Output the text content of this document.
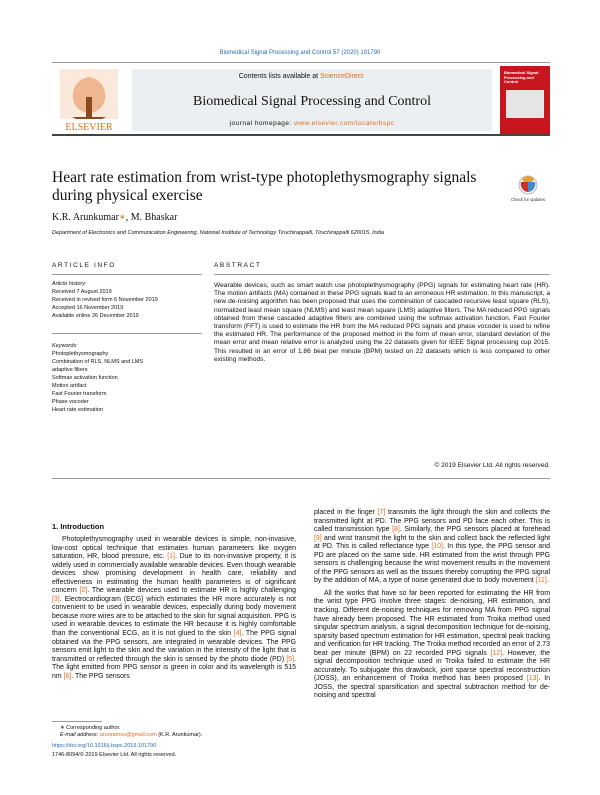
Biomedical Signal Processing and Control 57 (2020) 101790
ELSEVIER
Contents lists available at ScienceDirect
Biomedical Signal Processing and Control
journal homepage: www.elsevier.com/locate/bspc
Biomedical Signal Processing and Control
Heart rate estimation from wrist-type photoplethysmography signals during physical exercise	Check for updates
K.R. Arunkumar∗, M. Bhaskar
Department of Electronics and Communication Engineering, National Institute of Technology Tiruchirappalli, Tiruchirappalli 620015, India
ARTICLE INFO	ABSTRACT
Article history:
Received 7 August 2019
Received in revised form 6 November 2019
Accepted 16 November 2019
Available online 26 December 2019
Keywords:
Photoplethysmography
Combination of RLS, NLMS and LMS
adaptive filters
Softmax activation function
Motion artifact
Fast Fourier transform
Phase vocoder
Heart rate estimation
Wearable devices, such as smart watch use photoplethysmography (PPG) signals for estimating heart rate (HR). The motion artifacts (MA) contained in these PPG signals lead to an erroneous HR estimation. In this manuscript, a new de-noising algorithm has been proposed that uses the combination of cascaded recursive least square (RLS), normalized least mean square (NLMS) and least mean square (LMS) adaptive filters. The MA reduced PPG signals obtained from these cascaded adaptive filters are combined using the softmax activation function. Fast Fourier transform (FFT) is used to estimate the HR from the MA reduced PPG signals and phase vocoder is used to refine the estimated HR. The performance of the proposed method in the form of mean error, standard deviation of the mean error and mean relative error is analyzed using the 22 datasets given for IEEE Signal processing cup 2015. This resulted in an error of 1.86 beat per minute (BPM) tested on 22 datasets which is less compared to other existing methods.
© 2019 Elsevier Ltd. All rights reserved.
1. Introduction

Photoplethysmography used in wearable devices is simple, non-invasive, low-cost optical technique that estimates human parameters like oxygen saturation, HR, blood pressure, etc. [1]. Due to its non-invasive property, it is widely used in commercially available wearable devices. Even though wearable devices show promising development in health care, reliability and effectiveness in estimating the human health parameters is of significant concern [2]. The wearable devices used to estimate HR is highly challenging [3]. Electrocardiogram (ECG) which estimates the HR more accurately is not convenient to be used in wearable devices, especially during body movement because more wires are to be attached to the skin for signal acquisition. PPG is used in wearable devices to estimate the HR because it is highly comfortable than the conventional ECG, as it is not glued to the skin [4]. The PPG signal obtained via the PPG sensors, are integrated in wearable devices. The PPG sensors emit light to the skin and the variation in the intensity of the light that is transmitted or reflected through the skin is sensed by the photo diode (PD) [5]. The light emitted from PPG sensor is green in color and its wavelength is 515 nm [6]. The PPG sensors

placed in the finger [7] transmits the light through the skin and collects the transmitted light at PD. The PPG sensors and PD face each other. This is called transmission type [8]. Similarly, the PPG sensors placed at forehead [9] and wrist transmit the light to the skin and collect back the reflected light at PD. This is called reflectance type [10]. In this type, the PPG sensor and PD are placed on the same side. HR estimated from the wrist through PPG sensors is challenging because the wrist movement results in the movement of the PPG sensors as well as the tissues thereby corrupting the PPG signal by the addition of MA, a type of noise generated due to body movement [11].

All the works that have so far been reported for estimating the HR from the wrist type PPG involve three stages: de-noising, HR estimation, and tracking. Different de-noising techniques for removing MA from PPG signal have already been proposed. The HR estimated from Troika method used singular spectrum analysis, a signal decomposition technique for de-noising, sparsity based spectrum estimation for HR estimation, spectral peak tracking and verification for HR tracking. The Troika method recorded an error of 2.73 beat per minute (BPM) on 22 recorded PPG signals [12]. However, the signal decomposition technique used in Troika failed to estimate the HR accurately. To subjugate this drawback, joint sparse spectral reconstruction (JOSS), an enhancement of Troika method has been proposed [13]. In JOSS, the spectral sparsification and spectral subtraction method for de-noising and spectral

∗ Corresponding author.
E-mail address: arunramsu@gmail.com (K.R. Arunkumar).
https://doi.org/10.1016/j.bspc.2019.101790
1746-8094/© 2019 Elsevier Ltd. All rights reserved.
